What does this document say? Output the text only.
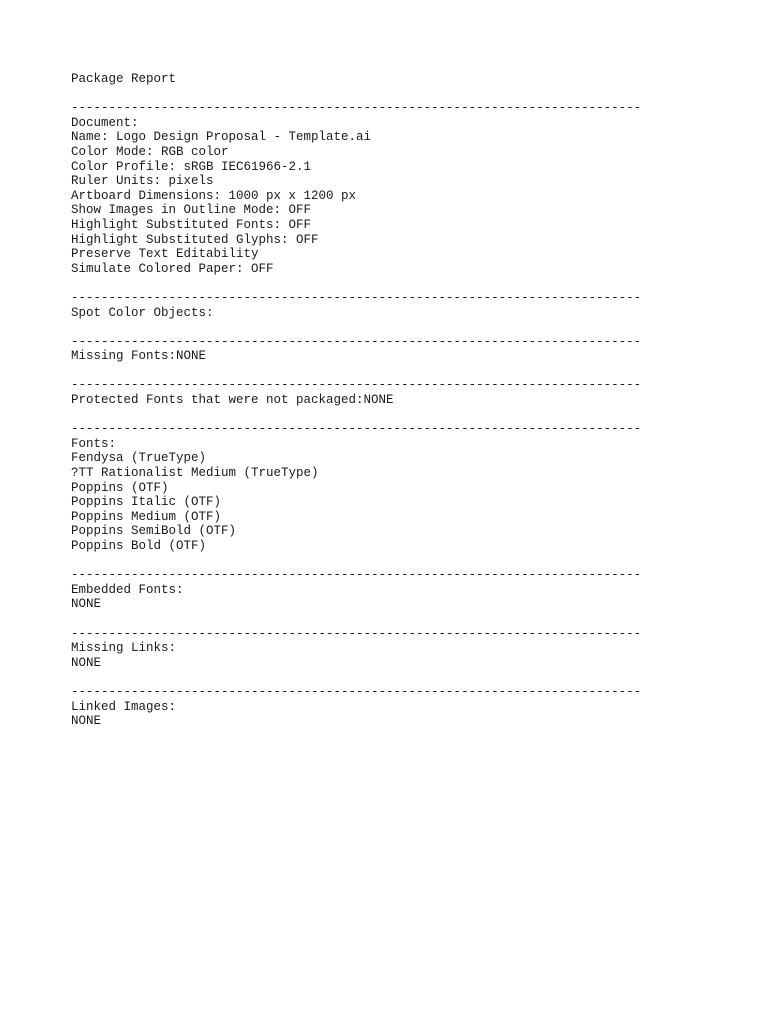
Package Report
----------------------------------------------------------------------------
Document:
Name: Logo Design Proposal - Template.ai
Color Mode: RGB color
Color Profile: sRGB IEC61966-2.1
Ruler Units: pixels
Artboard Dimensions: 1000 px x 1200 px
Show Images in Outline Mode: OFF
Highlight Substituted Fonts: OFF
Highlight Substituted Glyphs: OFF
Preserve Text Editability
Simulate Colored Paper: OFF
----------------------------------------------------------------------------
Spot Color Objects:
----------------------------------------------------------------------------
Missing Fonts:NONE
----------------------------------------------------------------------------
Protected Fonts that were not packaged:NONE
----------------------------------------------------------------------------
Fonts:
Fendysa (TrueType)
?TT Rationalist Medium (TrueType)
Poppins (OTF)
Poppins Italic (OTF)
Poppins Medium (OTF)
Poppins SemiBold (OTF)
Poppins Bold (OTF)
----------------------------------------------------------------------------
Embedded Fonts:
NONE
----------------------------------------------------------------------------
Missing Links:
NONE
----------------------------------------------------------------------------
Linked Images:
NONE
